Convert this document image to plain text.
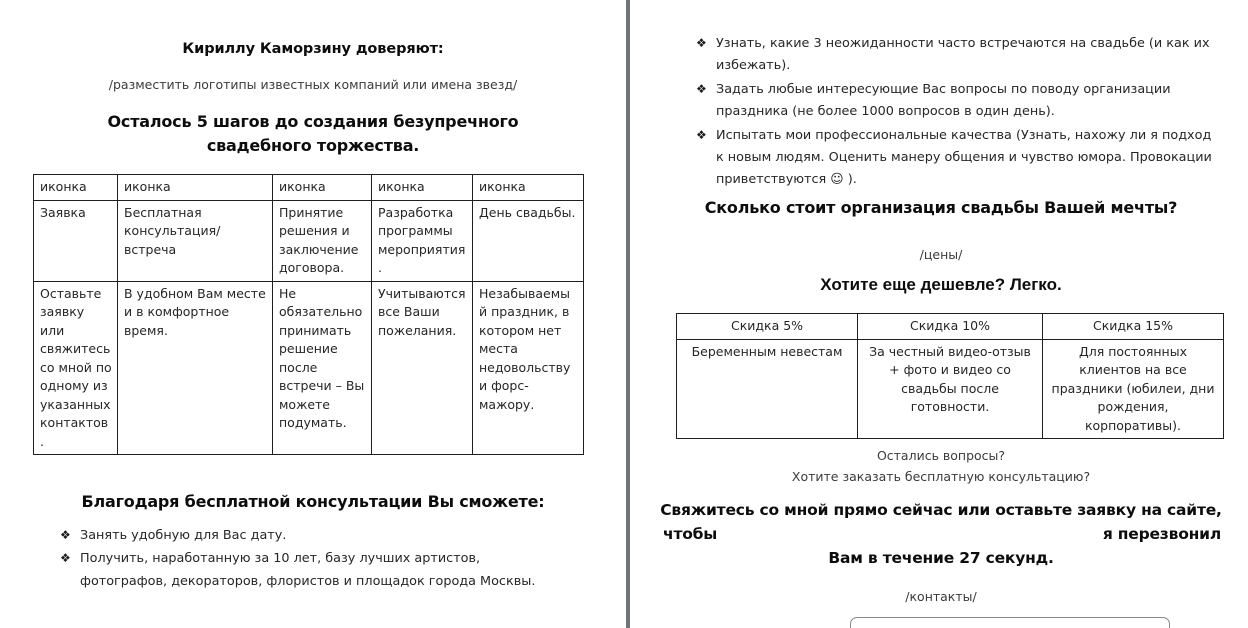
Кириллу Каморзину доверяют:
/разместить логотипы известных компаний или имена звезд/
Осталось 5 шагов до создания безупречного свадебного торжества.
иконка	иконка	иконка	иконка	иконка
Заявка	Бесплатная консультация/встреча	Принятие решения и заключение договора.	Разработка программы мероприятия.	День свадьбы.
Оставьте заявку или свяжитесь со мной по одному из указанных контактов .	В удобном Вам месте и в комфортное время.	Не обязательно принимать решение после встречи – Вы можете подумать.	Учитываются все Ваши пожелания.	Незабываемый праздник, в котором нет места недовольству и форс-мажору.
Благодаря бесплатной консультации Вы сможете:
❖ Занять удобную для Вас дату.
❖ Получить, наработанную за 10 лет, базу лучших артистов, фотографов, декораторов, флористов и площадок города Москвы.
❖ Узнать, какие 3 неожиданности часто встречаются на свадьбе (и как их избежать).
❖ Задать любые интересующие Вас вопросы по поводу организации праздника (не более 1000 вопросов в один день).
❖ Испытать мои профессиональные качества (Узнать, нахожу ли я подход к новым людям. Оценить манеру общения и чувство юмора. Провокации приветствуются ☺ ).
Сколько стоит организация свадьбы Вашей мечты?
/цены/
Хотите еще дешевле? Легко.
Скидка 5%	Скидка 10%	Скидка 15%
Беременным невестам	За честный видео-отзыв + фото и видео со свадьбы после готовности.	Для постоянных клиентов на все праздники (юбилеи, дни рождения, корпоративы).
Остались вопросы?
Хотите заказать бесплатную консультацию?
Свяжитесь со мной прямо сейчас или оставьте заявку на сайте,
чтобы	я перезвонил
Вам в течение 27 секунд.
/контакты/
